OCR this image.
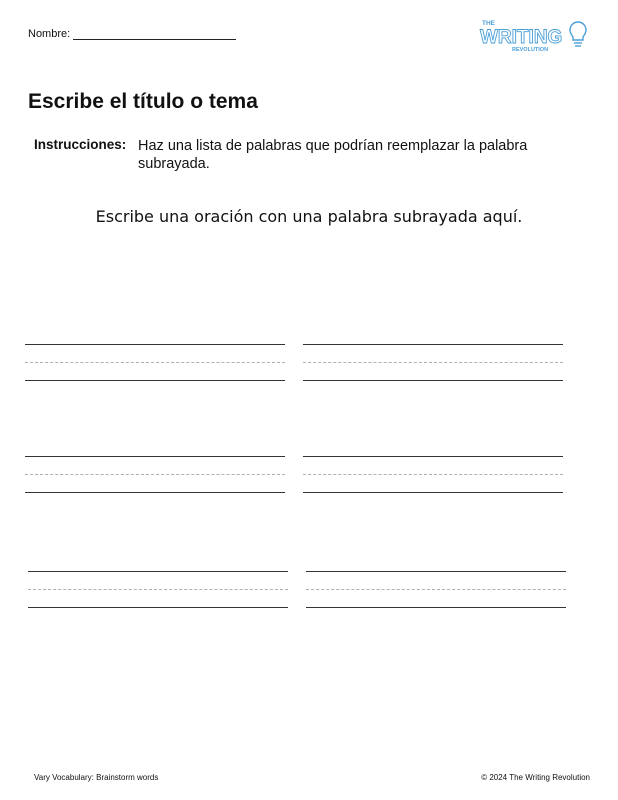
Nombre:
THE
WRITING
REVOLUTION
Escribe el título o tema
Instrucciones: Haz una lista de palabras que podrían reemplazar la palabra subrayada.
Escribe una oración con una palabra subrayada aquí.
Vary Vocabulary: Brainstorm words	© 2024 The Writing Revolution
